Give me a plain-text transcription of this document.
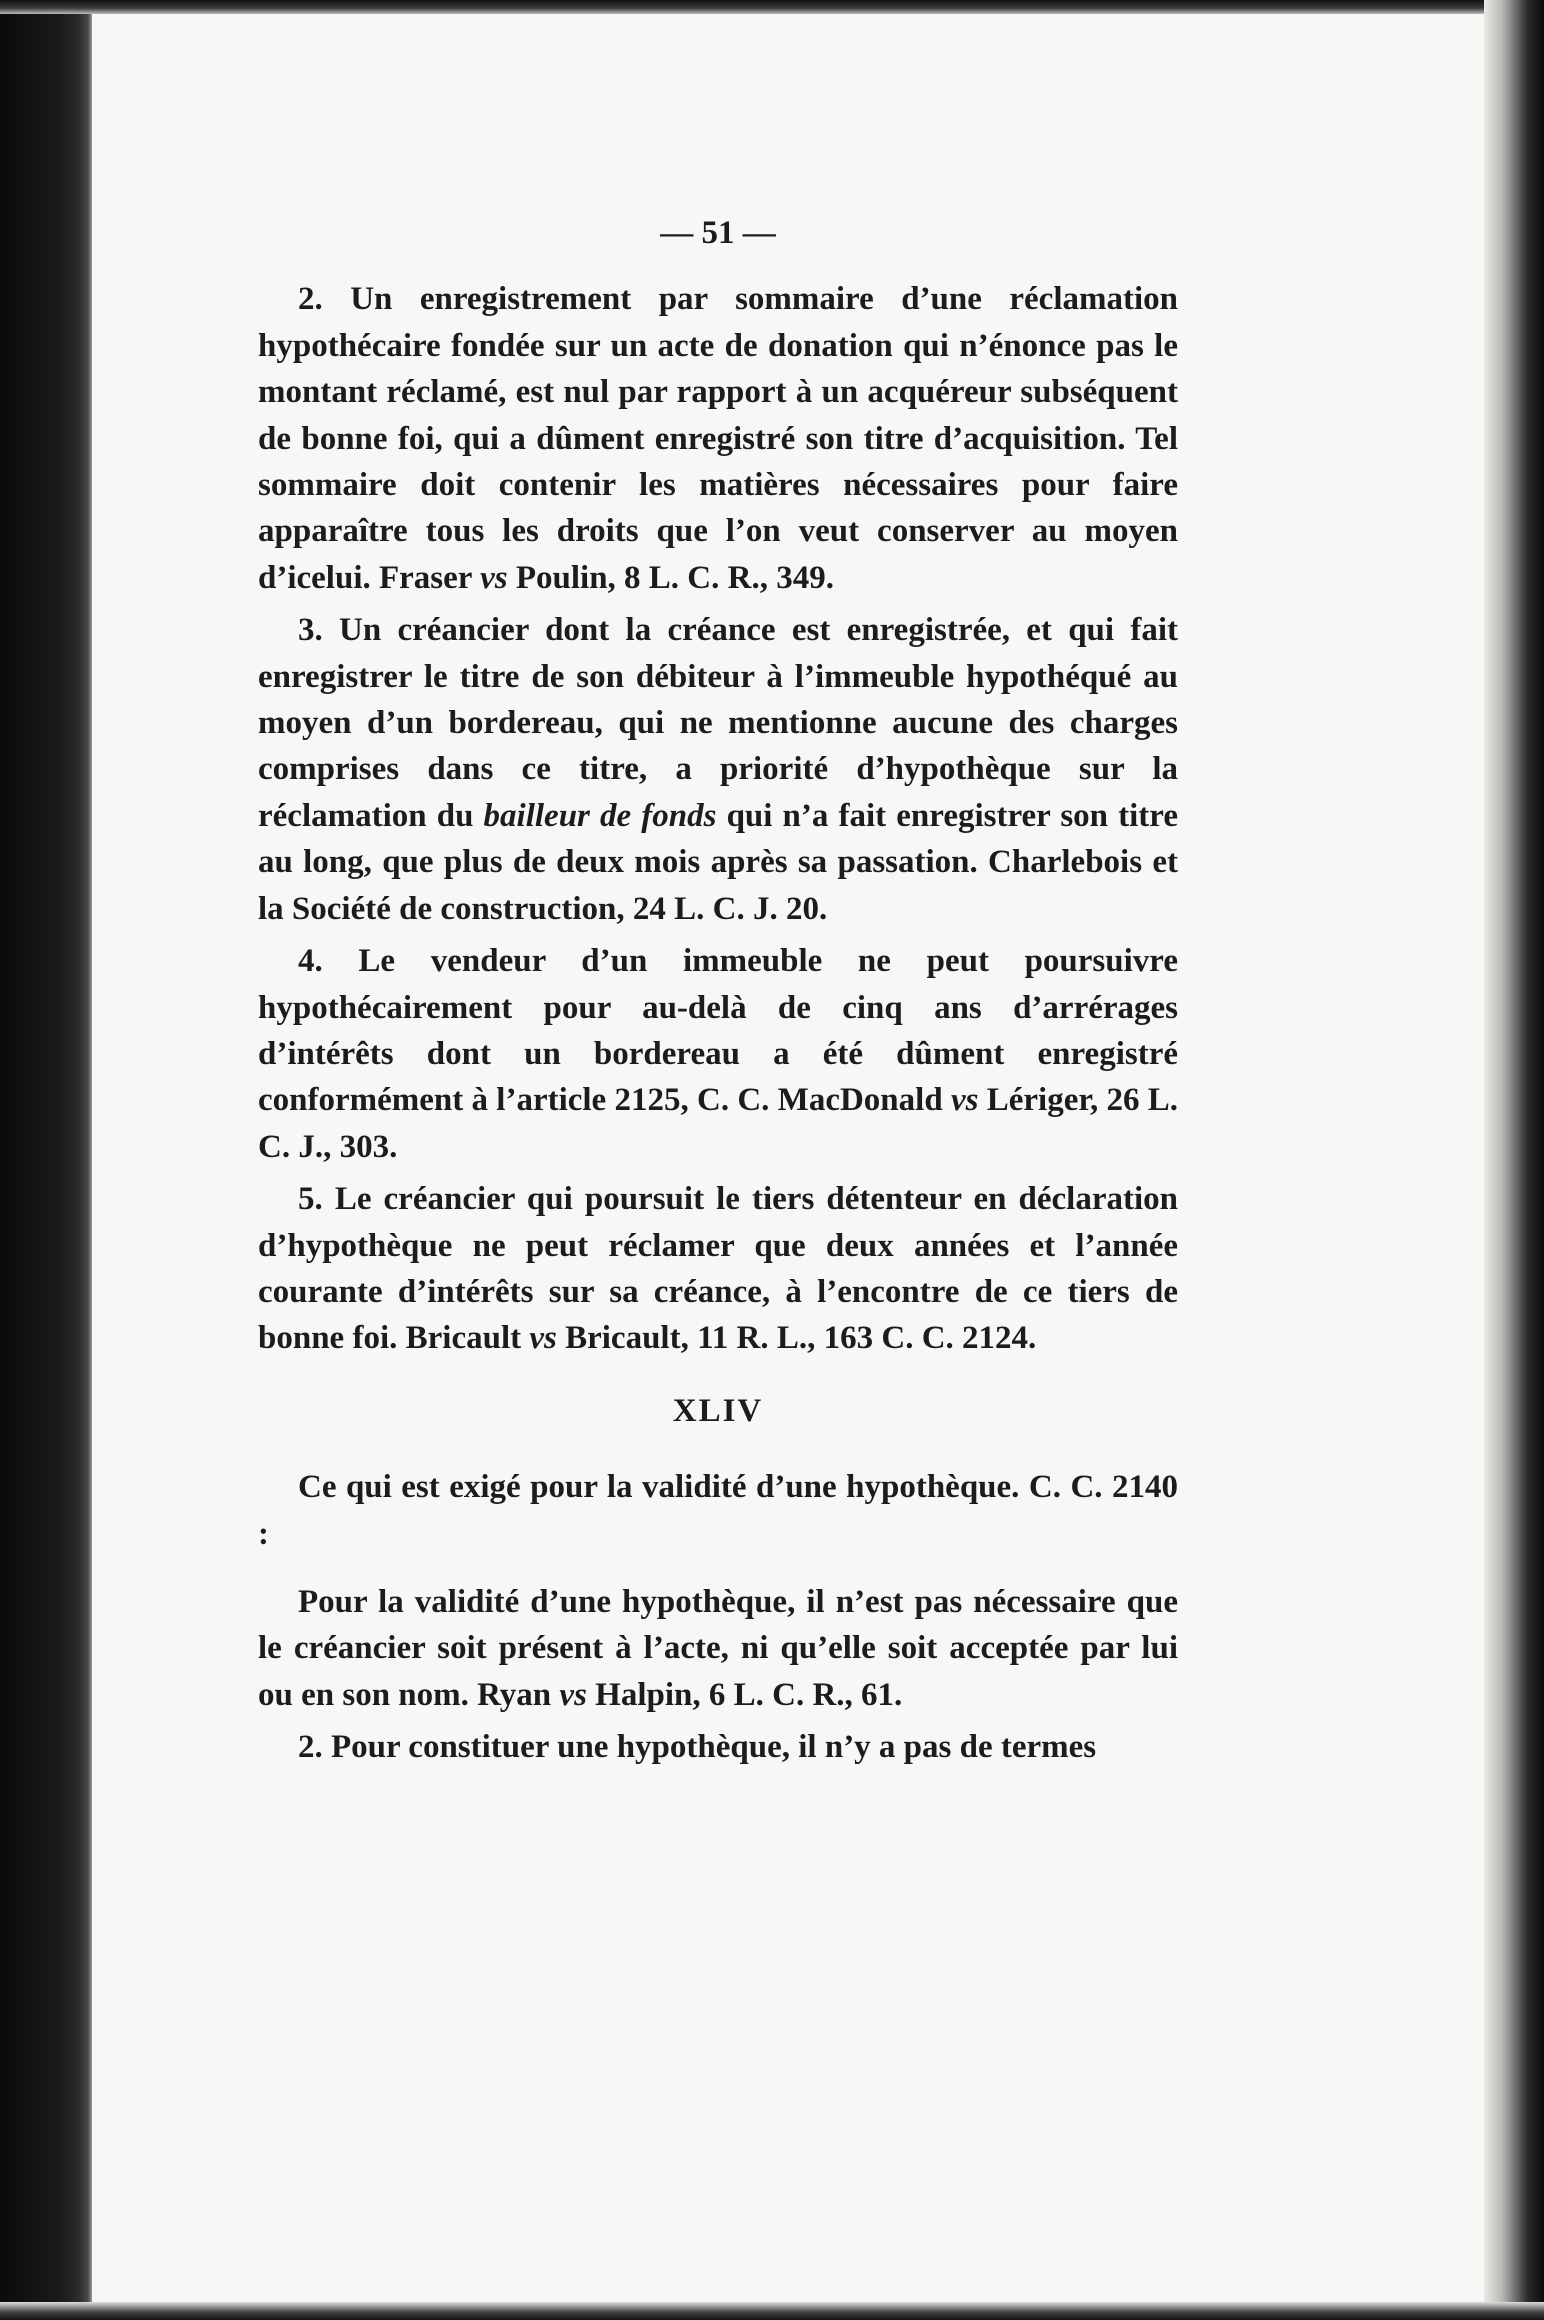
— 51 —

2. Un enregistrement par sommaire d’une réclamation hypothécaire fondée sur un acte de donation qui n’énonce pas le montant réclamé, est nul par rapport à un acquéreur subséquent de bonne foi, qui a dûment enregistré son titre d’acquisition. Tel sommaire doit contenir les matières nécessaires pour faire apparaître tous les droits que l’on veut conserver au moyen d’icelui. Fraser vs Poulin, 8 L. C. R., 349.

3. Un créancier dont la créance est enregistrée, et qui fait enregistrer le titre de son débiteur à l’immeuble hypothéqué au moyen d’un bordereau, qui ne mentionne aucune des charges comprises dans ce titre, a priorité d’hypothèque sur la réclamation du bailleur de fonds qui n’a fait enregistrer son titre au long, que plus de deux mois après sa passation. Charlebois et la Société de construction, 24 L. C. J. 20.

4. Le vendeur d’un immeuble ne peut poursuivre hypothécairement pour au-delà de cinq ans d’arrérages d’intérêts dont un bordereau a été dûment enregistré conformément à l’article 2125, C. C. MacDonald vs Lériger, 26 L. C. J., 303.

5. Le créancier qui poursuit le tiers détenteur en déclaration d’hypothèque ne peut réclamer que deux années et l’année courante d’intérêts sur sa créance, à l’encontre de ce tiers de bonne foi. Bricault vs Bricault, 11 R. L., 163 C. C. 2124.

XLIV

Ce qui est exigé pour la validité d’une hypothèque. C. C. 2140 :

Pour la validité d’une hypothèque, il n’est pas nécessaire que le créancier soit présent à l’acte, ni qu’elle soit acceptée par lui ou en son nom. Ryan vs Halpin, 6 L. C. R., 61.

2. Pour constituer une hypothèque, il n’y a pas de termes
